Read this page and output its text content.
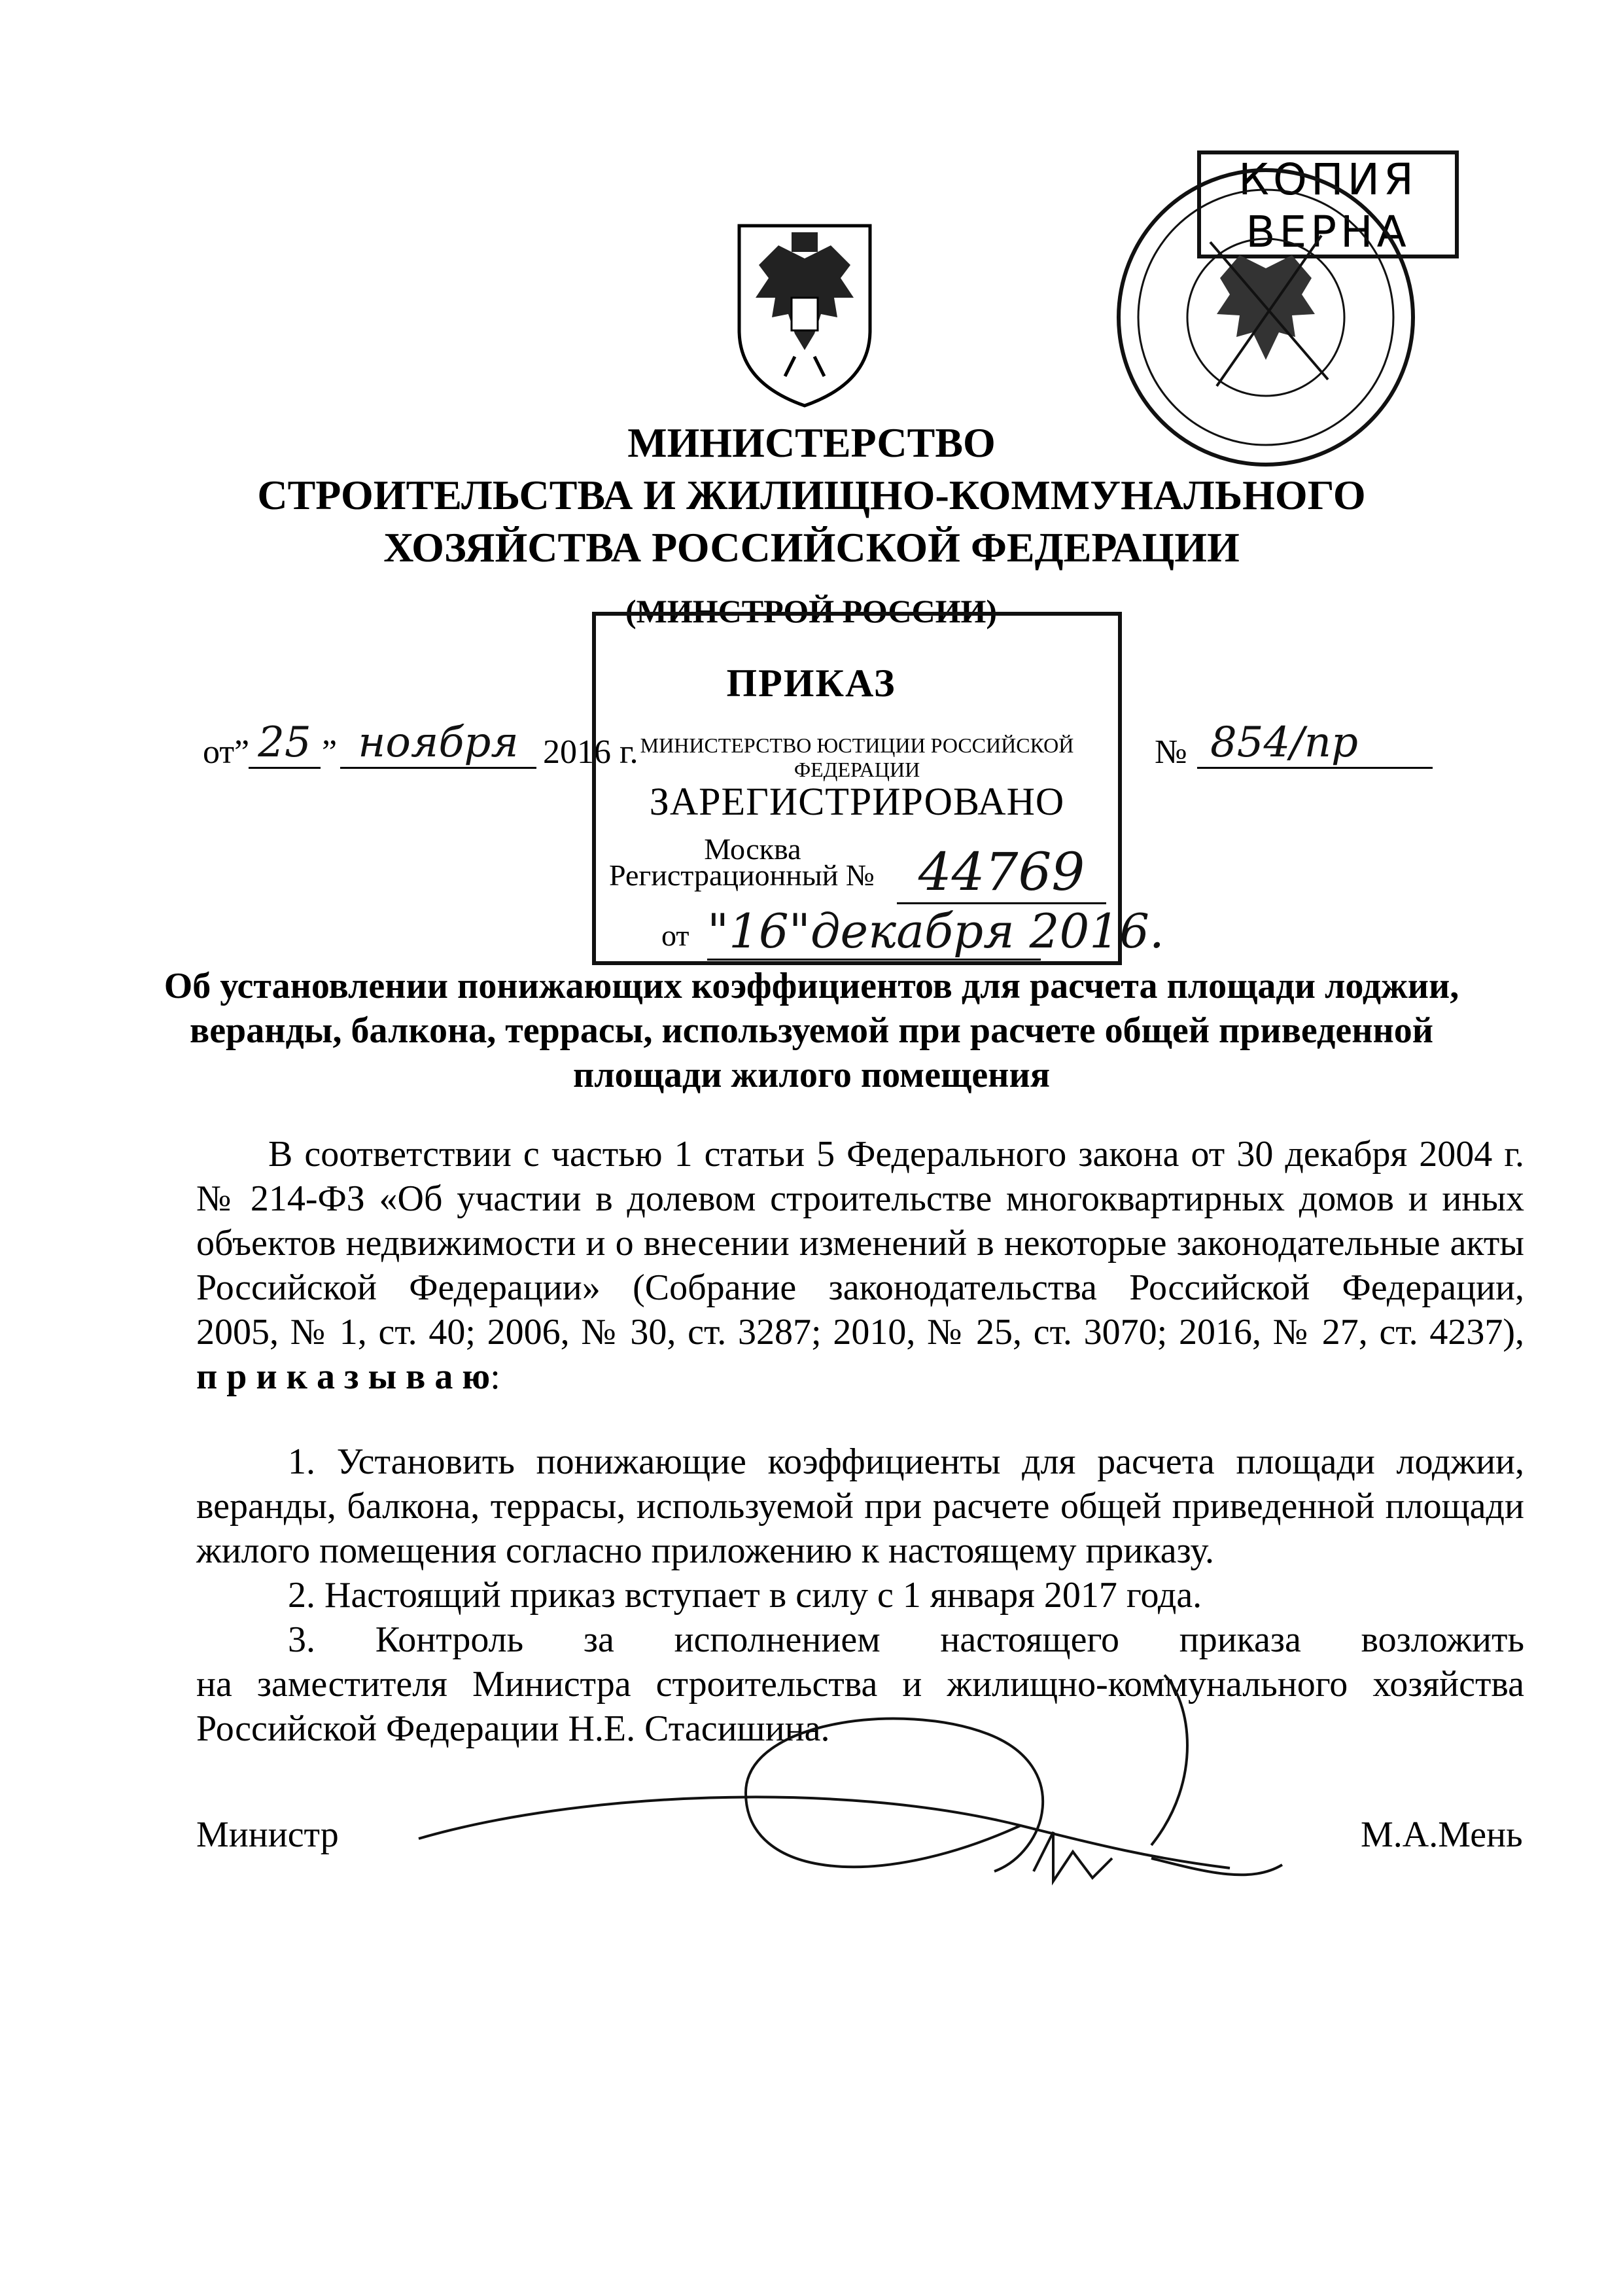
МИНИСТЕРСТВО
СТРОИТЕЛЬСТВА И ЖИЛИЩНО-КОММУНАЛЬНОГО
ХОЗЯЙСТВА РОССИЙСКОЙ ФЕДЕРАЦИИ
(МИНСТРОЙ РОССИИ)
ПРИКАЗ
от” 25 ” ноября 2016 г.	№ 854/пр
МИНИСТЕРСТВО ЮСТИЦИИ РОССИЙСКОЙ ФЕДЕРАЦИИ
ЗАРЕГИСТРИРОВАНО
Москва
Регистрационный № 44769
от "16"декабря 2016.
КОПИЯ
ВЕРНА
Об установлении понижающих коэффициентов для расчета площади лоджии,
веранды, балкона, террасы, используемой при расчете общей приведенной
площади жилого помещения
В соответствии с частью 1 статьи 5 Федерального закона от 30 декабря 2004 г.
№ 214-ФЗ «Об участии в долевом строительстве многоквартирных домов и иных
объектов недвижимости и о внесении изменений в некоторые законодательные акты
Российской Федерации» (Собрание законодательства Российской Федерации,
2005, № 1, ст. 40; 2006, № 30, ст. 3287; 2010, № 25, ст. 3070; 2016, № 27, ст. 4237),
п р и к а з ы в а ю:
1. Установить понижающие коэффициенты для расчета площади лоджии,
веранды, балкона, террасы, используемой при расчете общей приведенной площади
жилого помещения согласно приложению к настоящему приказу.
2. Настоящий приказ вступает в силу с 1 января 2017 года.
3. Контроль за исполнением настоящего приказа возложить
на заместителя Министра строительства и жилищно-коммунального хозяйства
Российской Федерации Н.Е. Стасишина.
Министр	М.А.Мень
